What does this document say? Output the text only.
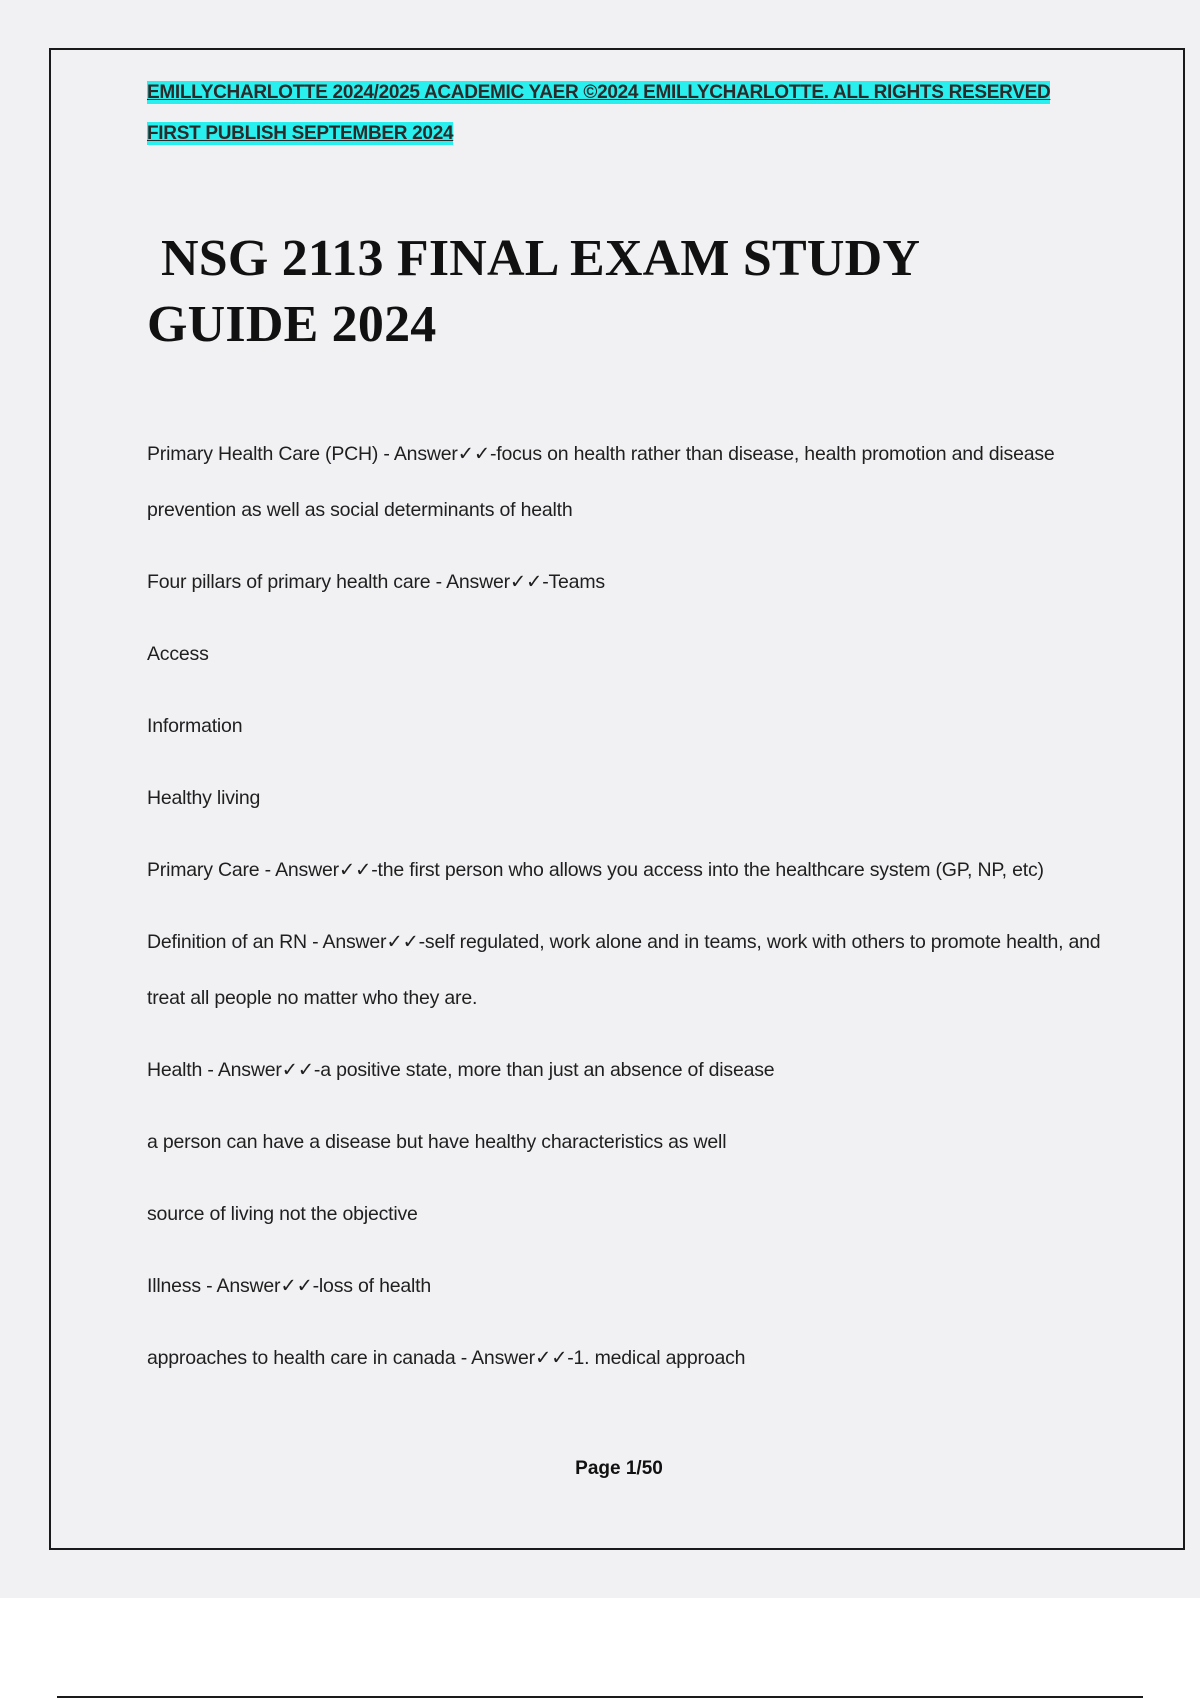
EMILLYCHARLOTTE 2024/2025 ACADEMIC YAER ©2024 EMILLYCHARLOTTE. ALL RIGHTS RESERVED
FIRST PUBLISH SEPTEMBER 2024
NSG 2113 FINAL EXAM STUDY
GUIDE 2024

Primary Health Care (PCH) - Answer✓✓-focus on health rather than disease, health promotion and disease prevention as well as social determinants of health

Four pillars of primary health care - Answer✓✓-Teams

Access

Information

Healthy living

Primary Care - Answer✓✓-the first person who allows you access into the healthcare system (GP, NP, etc)

Definition of an RN - Answer✓✓-self regulated, work alone and in teams, work with others to promote health, and treat all people no matter who they are.

Health - Answer✓✓-a positive state, more than just an absence of disease

a person can have a disease but have healthy characteristics as well

source of living not the objective

Illness - Answer✓✓-loss of health

approaches to health care in canada - Answer✓✓-1. medical approach

Page 1/50
